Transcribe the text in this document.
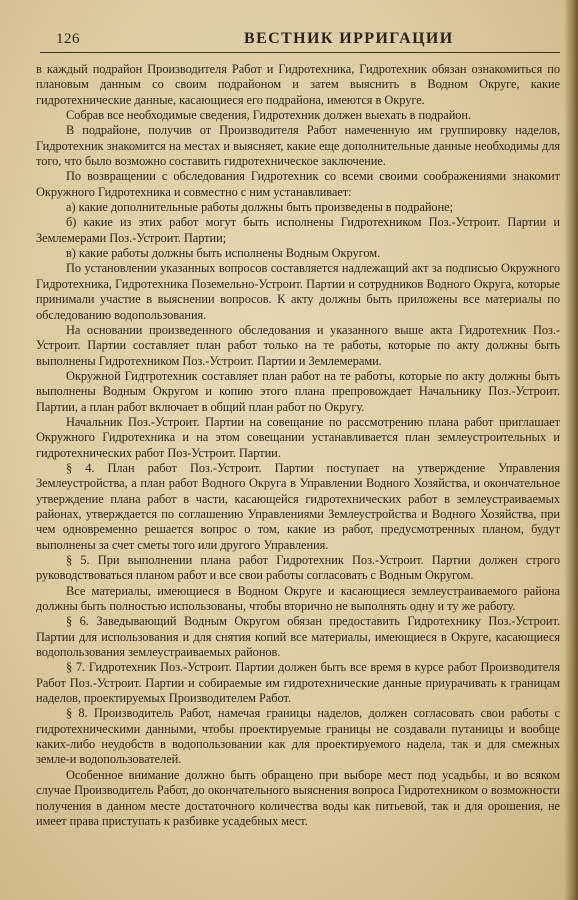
126	ВЕСТНИК ИРРИГАЦИИ

в каждый подрайон Производителя Работ и Гидротехника, Гидротехник обязан ознакомиться по плановым данным со своим подрайоном и затем выяснить в Водном Округе, какие гидротехнические данные, касающиеся его подрайона, имеются в Округе.

Собрав все необходимые сведения, Гидротехник должен выехать в подрайон.

В подрайоне, получив от Производителя Работ намеченную им группировку наделов, Гидротехник знакомится на местах и выясняет, какие еще дополнительные данные необходимы для того, что было возможно составить гидротехническое заключение.

По возвращении с обследования Гидротехник со всеми своими соображениями знакомит Окружного Гидротехника и совместно с ним устанавливает:

а) какие дополнительные работы должны быть произведены в подрайоне;

б) какие из этих работ могут быть исполнены Гидротехником Поз.-Устроит. Партии и Землемерами Поз.-Устроит. Партии;

в) какие работы должны быть исполнены Водным Округом.

По установлении указанных вопросов составляется надлежащий акт за подписью Окружного Гидротехника, Гидротехника Поземельно-Устроит. Партии и сотрудников Водного Округа, которые принимали участие в выяснении вопросов. К акту должны быть приложены все материалы по обследованию водопользования.

На основании произведенного обследования и указанного выше акта Гидротехник Поз.-Устроит. Партии составляет план работ только на те работы, которые по акту должны быть выполнены Гидротехником Поз.-Устроит. Партии и Землемерами.

Окружной Гидтротехник составляет план работ на те работы, которые по акту должны быть выполнены Водным Округом и копию этого плана препровождает Начальнику Поз.-Устроит. Партии, а план работ включает в общий план работ по Округу.

Начальник Поз.-Устроит. Партии на совещание по рассмотрению плана работ приглашает Окружного Гидротехника и на этом совещании устанавливается план землеустроительных и гидротехнических работ Поз-Устроит. Партии.

§ 4. План работ Поз.-Устроит. Партии поступает на утверждение Управления Землеустройства, а план работ Водного Округа в Управлении Водного Хозяйства, и окончательное утверждение плана работ в части, касающейся гидротехнических работ в землеустраиваемых районах, утверждается по соглашению Управлениями Землеустройства и Водного Хозяйства, при чем одновременно решается вопрос о том, какие из работ, предусмотренных планом, будут выполнены за счет сметы того или другого Управления.

§ 5. При выполнении плана работ Гидротехник Поз.-Устроит. Партии должен строго руководствоваться планом работ и все свои работы согласовать с Водным Округом.

Все материалы, имеющиеся в Водном Округе и касающиеся землеустраиваемого района должны быть полностью использованы, чтобы вторично не выполнять одну и ту же работу.

§ 6. Заведывающий Водным Округом обязан предоставить Гидротехнику Поз.-Устроит. Партии для использования и для снятия копий все материалы, имеющиеся в Округе, касающиеся водопользования землеустраиваемых районов.

§ 7. Гидротехник Поз.-Устроит. Партии должен быть все время в курсе работ Производителя Работ Поз.-Устроит. Партии и собираемые им гидротехнические данные приурачивать к границам наделов, проектируемых Производителем Работ.

§ 8. Производитель Работ, намечая границы наделов, должен согласовать свои работы с гидротехническими данными, чтобы проектируемые границы не создавали путаницы и вообще каких-либо неудобств в водопользовании как для проектируемого надела, так и для смежных земле-и водопользователей.

Особенное внимание должно быть обращено при выборе мест под усадьбы, и во всяком случае Производитель Работ, до окончательного выяснения вопроса Гидротехником о возможности получения в данном месте достаточного количества воды как питьевой, так и для орошения, не имеет права приступать к разбивке усадебных мест.
